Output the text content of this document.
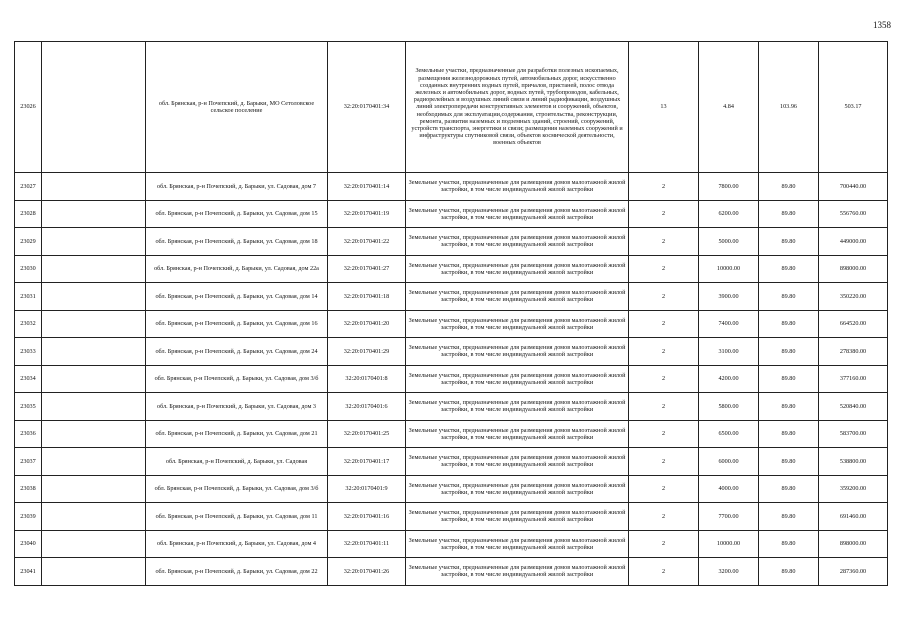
1358
23026		обл. Брянская, р-н Почепский, д. Барыки, МО Сетоловское сельское поселение	32:20:0170401:34	Земельные участки, предназначенные для разработки полезных ископаемых, размещения железнодорожных путей, автомобильных дорог, искусственно созданных внутренних водных путей, причалов, пристаней, полос отвода железных и автомобильных дорог, водных путей, трубопроводов, кабельных, радиорелейных и воздушных линий связи и линий радиофикации, воздушных линий электропередачи конструктивных элементов и сооружений, объектов, необходимых для эксплуатации,содержания, строительства, реконструкции, ремонта, развития наземных и подземных зданий, строений, сооружений, устройств транспорта, энергетики и связи; размещения наземных сооружений и инфраструктуры спутниковой связи, объектов космической деятельности, военных объектов	13	4.84	103.96	503.17
23027		обл. Брянская, р-н Почепский, д. Барыки, ул. Садовая, дом 7	32:20:0170401:14	Земельные участки, предназначенные для размещения домов малоэтажной жилой застройки, в том числе индивидуальной жилой застройки	2	7800.00	89.80	700440.00
23028		обл. Брянская, р-н Почепский, д. Барыки, ул. Садовая, дом 15	32:20:0170401:19	Земельные участки, предназначенные для размещения домов малоэтажной жилой застройки, в том числе индивидуальной жилой застройки	2	6200.00	89.80	556760.00
23029		обл. Брянская, р-н Почепский, д. Барыки, ул. Садовая, дом 18	32:20:0170401:22	Земельные участки, предназначенные для размещения домов малоэтажной жилой застройки, в том числе индивидуальной жилой застройки	2	5000.00	89.80	449000.00
23030		обл. Брянская, р-н Почепский, д. Барыки, ул. Садовая, дом 22а	32:20:0170401:27	Земельные участки, предназначенные для размещения домов малоэтажной жилой застройки, в том числе индивидуальной жилой застройки	2	10000.00	89.80	898000.00
23031		обл. Брянская, р-н Почепский, д. Барыки, ул. Садовая, дом 14	32:20:0170401:18	Земельные участки, предназначенные для размещения домов малоэтажной жилой застройки, в том числе индивидуальной жилой застройки	2	3900.00	89.80	350220.00
23032		обл. Брянская, р-н Почепский, д. Барыки, ул. Садовая, дом 16	32:20:0170401:20	Земельные участки, предназначенные для размещения домов малоэтажной жилой застройки, в том числе индивидуальной жилой застройки	2	7400.00	89.80	664520.00
23033		обл. Брянская, р-н Почепский, д. Барыки, ул. Садовая, дом 24	32:20:0170401:29	Земельные участки, предназначенные для размещения домов малоэтажной жилой застройки, в том числе индивидуальной жилой застройки	2	3100.00	89.80	278380.00
23034		обл. Брянская, р-н Почепский, д. Барыки, ул. Садовая, дом 3/б	32:20:0170401:8	Земельные участки, предназначенные для размещения домов малоэтажной жилой застройки, в том числе индивидуальной жилой застройки	2	4200.00	89.80	377160.00
23035		обл. Брянская, р-н Почепский, д. Барыки, ул. Садовая, дом 3	32:20:0170401:6	Земельные участки, предназначенные для размещения домов малоэтажной жилой застройки, в том числе индивидуальной жилой застройки	2	5800.00	89.80	520840.00
23036		обл. Брянская, р-н Почепский, д. Барыки, ул. Садовая, дом 21	32:20:0170401:25	Земельные участки, предназначенные для размещения домов малоэтажной жилой застройки, в том числе индивидуальной жилой застройки	2	6500.00	89.80	583700.00
23037		обл. Брянская, р-н Почепский, д. Барыки, ул. Садовая	32:20:0170401:17	Земельные участки, предназначенные для размещения домов малоэтажной жилой застройки, в том числе индивидуальной жилой застройки	2	6000.00	89.80	538800.00
23038		обл. Брянская, р-н Почепский, д. Барыки, ул. Садовая, дом 3/б	32:20:0170401:9	Земельные участки, предназначенные для размещения домов малоэтажной жилой застройки, в том числе индивидуальной жилой застройки	2	4000.00	89.80	359200.00
23039		обл. Брянская, р-н Почепский, д. Барыки, ул. Садовая, дом 11	32:20:0170401:16	Земельные участки, предназначенные для размещения домов малоэтажной жилой застройки, в том числе индивидуальной жилой застройки	2	7700.00	89.80	691460.00
23040		обл. Брянская, р-н Почепский, д. Барыки, ул. Садовая, дом 4	32:20:0170401:11	Земельные участки, предназначенные для размещения домов малоэтажной жилой застройки, в том числе индивидуальной жилой застройки	2	10000.00	89.80	898000.00
23041		обл. Брянская, р-н Почепский, д. Барыки, ул. Садовая, дом 22	32:20:0170401:26	Земельные участки, предназначенные для размещения домов малоэтажной жилой застройки, в том числе индивидуальной жилой застройки	2	3200.00	89.80	287360.00
